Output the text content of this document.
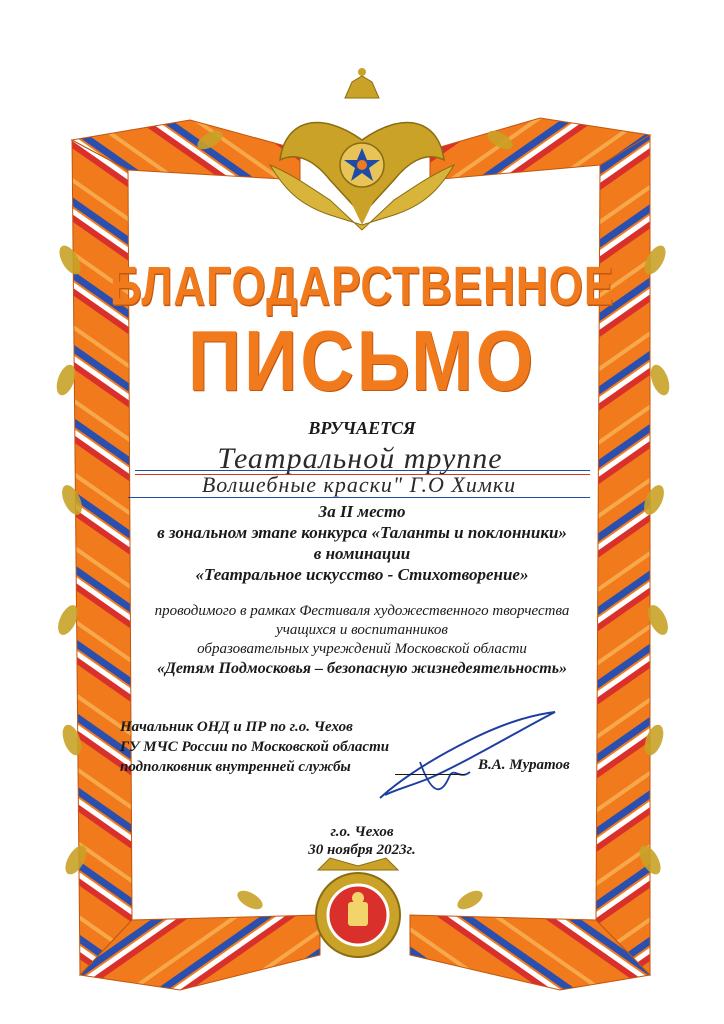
БЛАГОДАРСТВЕННОЕ
ПИСЬМО
ВРУЧАЕТСЯ
Театральной труппе
Волшебные краски" Г.О Химки
За II место
в зональном этапе конкурса «Таланты и поклонники»
в номинации
«Театральное искусство - Стихотворение»
проводимого в рамках Фестиваля художественного творчества
учащихся и воспитанников
образовательных учреждений Московской области
«Детям Подмосковья – безопасную жизнедеятельность»
Начальник ОНД и ПР по г.о. Чехов
ГУ МЧС России по Московской области
подполковник внутренней службы	В.А. Муратов
г.о. Чехов
30 ноября 2023г.
